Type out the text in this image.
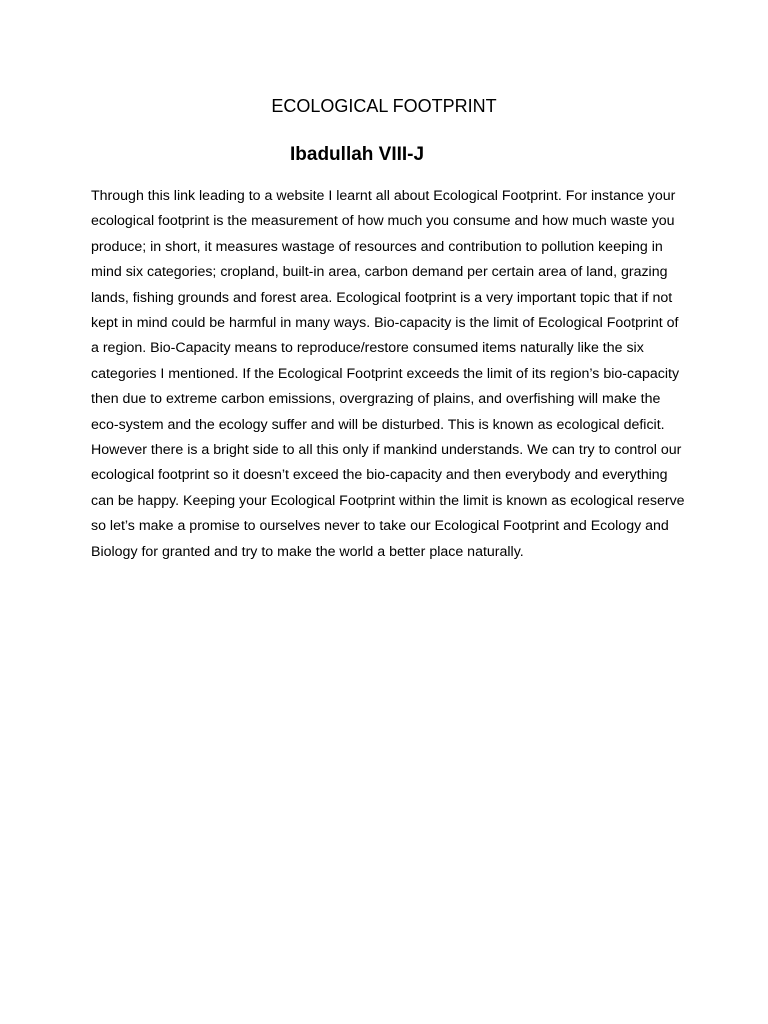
ECOLOGICAL FOOTPRINT
Ibadullah VIII-J

Through this link leading to a website I learnt all about Ecological Footprint. For instance your ecological footprint is the measurement of how much you consume and how much waste you produce; in short, it measures wastage of resources and contribution to pollution keeping in mind six categories; cropland, built-in area, carbon demand per certain area of land, grazing lands, fishing grounds and forest area. Ecological footprint is a very important topic that if not kept in mind could be harmful in many ways. Bio-capacity is the limit of Ecological Footprint of a region. Bio-Capacity means to reproduce/restore consumed items naturally like the six categories I mentioned. If the Ecological Footprint exceeds the limit of its region’s bio-capacity then due to extreme carbon emissions, overgrazing of plains, and overfishing will make the eco-system and the ecology suffer and will be disturbed. This is known as ecological deficit. However there is a bright side to all this only if mankind understands. We can try to control our ecological footprint so it doesn’t exceed the bio-capacity and then everybody and everything can be happy. Keeping your Ecological Footprint within the limit is known as ecological reserve so let’s make a promise to ourselves never to take our Ecological Footprint and Ecology and Biology for granted and try to make the world a better place naturally.
